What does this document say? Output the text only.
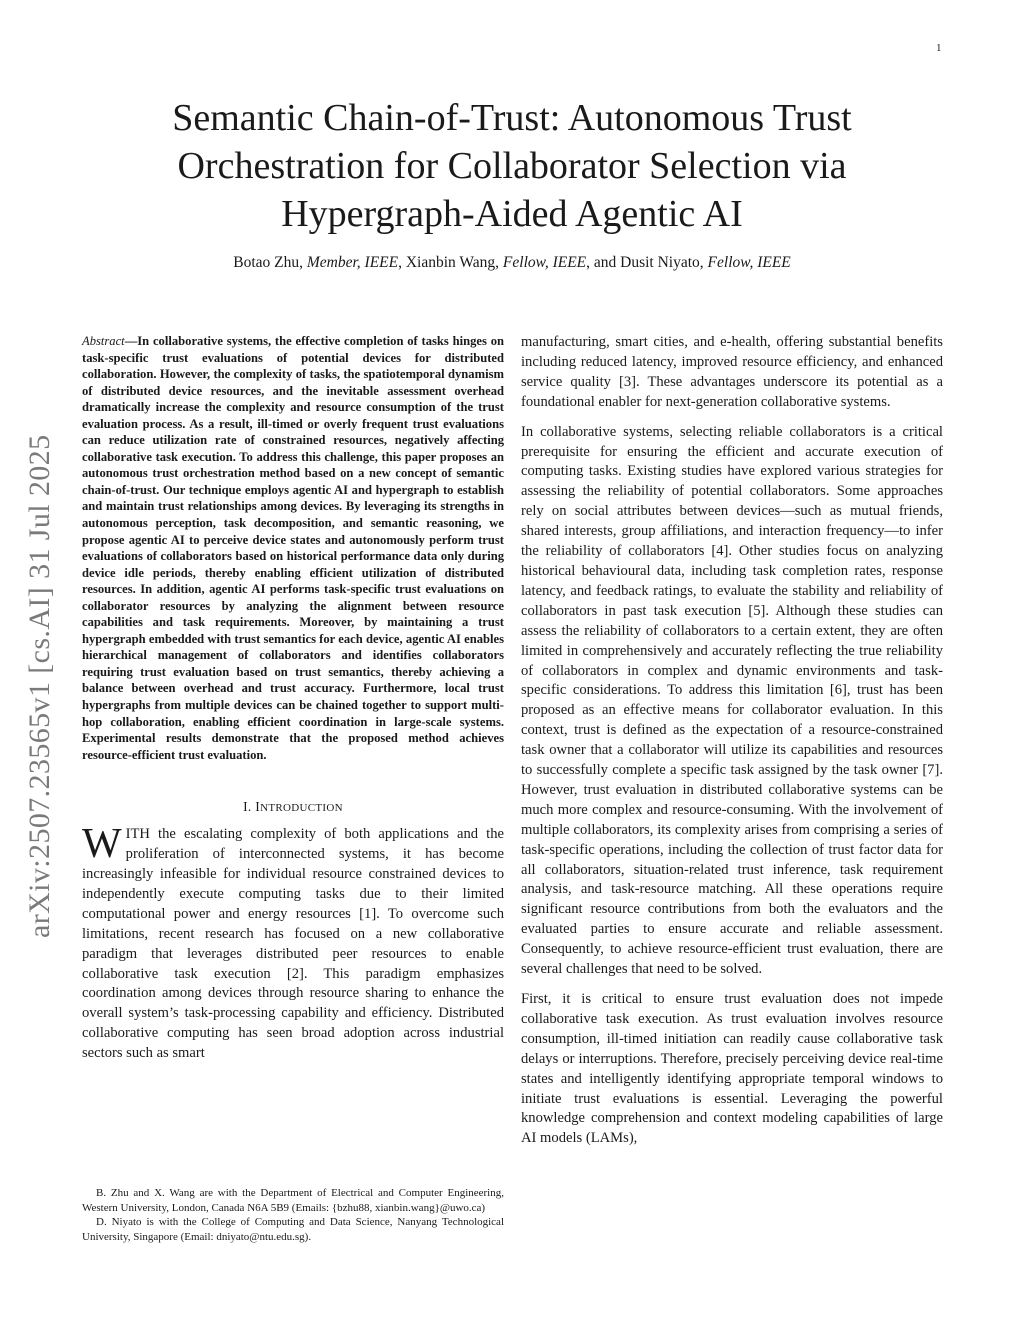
1
arXiv:2507.23565v1 [cs.AI] 31 Jul 2025
Semantic Chain-of-Trust: Autonomous Trust Orchestration for Collaborator Selection via Hypergraph-Aided Agentic AI
Botao Zhu, Member, IEEE, Xianbin Wang, Fellow, IEEE, and Dusit Niyato, Fellow, IEEE

Abstract—In collaborative systems, the effective completion of tasks hinges on task-specific trust evaluations of potential devices for distributed collaboration. However, the complexity of tasks, the spatiotemporal dynamism of distributed device resources, and the inevitable assessment overhead dramatically increase the complexity and resource consumption of the trust evaluation process. As a result, ill-timed or overly frequent trust evaluations can reduce utilization rate of constrained resources, negatively affecting collaborative task execution. To address this challenge, this paper proposes an autonomous trust orchestration method based on a new concept of semantic chain-of-trust. Our technique employs agentic AI and hypergraph to establish and maintain trust relationships among devices. By leveraging its strengths in autonomous perception, task decomposition, and semantic reasoning, we propose agentic AI to perceive device states and autonomously perform trust evaluations of collaborators based on historical performance data only during device idle periods, thereby enabling efficient utilization of distributed resources. In addition, agentic AI performs task-specific trust evaluations on collaborator resources by analyzing the alignment between resource capabilities and task requirements. Moreover, by maintaining a trust hypergraph embedded with trust semantics for each device, agentic AI enables hierarchical management of collaborators and identifies collaborators requiring trust evaluation based on trust semantics, thereby achieving a balance between overhead and trust accuracy. Furthermore, local trust hypergraphs from multiple devices can be chained together to support multi-hop collaboration, enabling efficient coordination in large-scale systems. Experimental results demonstrate that the proposed method achieves resource-efficient trust evaluation.

I. INTRODUCTION

WITH the escalating complexity of both applications and the proliferation of interconnected systems, it has become increasingly infeasible for individual resource constrained devices to independently execute computing tasks due to their limited computational power and energy resources [1]. To overcome such limitations, recent research has focused on a new collaborative paradigm that leverages distributed peer resources to enable collaborative task execution [2]. This paradigm emphasizes coordination among devices through resource sharing to enhance the overall system’s task-processing capability and efficiency. Distributed collaborative computing has seen broad adoption across industrial sectors such as smart

B. Zhu and X. Wang are with the Department of Electrical and Computer Engineering, Western University, London, Canada N6A 5B9 (Emails: {bzhu88, xianbin.wang}@uwo.ca)

D. Niyato is with the College of Computing and Data Science, Nanyang Technological University, Singapore (Email: dniyato@ntu.edu.sg).

manufacturing, smart cities, and e-health, offering substantial benefits including reduced latency, improved resource efficiency, and enhanced service quality [3]. These advantages underscore its potential as a foundational enabler for next-generation collaborative systems.

In collaborative systems, selecting reliable collaborators is a critical prerequisite for ensuring the efficient and accurate execution of computing tasks. Existing studies have explored various strategies for assessing the reliability of potential collaborators. Some approaches rely on social attributes between devices—such as mutual friends, shared interests, group affiliations, and interaction frequency—to infer the reliability of collaborators [4]. Other studies focus on analyzing historical behavioural data, including task completion rates, response latency, and feedback ratings, to evaluate the stability and reliability of collaborators in past task execution [5]. Although these studies can assess the reliability of collaborators to a certain extent, they are often limited in comprehensively and accurately reflecting the true reliability of collaborators in complex and dynamic environments and task-specific considerations. To address this limitation [6], trust has been proposed as an effective means for collaborator evaluation. In this context, trust is defined as the expectation of a resource-constrained task owner that a collaborator will utilize its capabilities and resources to successfully complete a specific task assigned by the task owner [7]. However, trust evaluation in distributed collaborative systems can be much more complex and resource-consuming. With the involvement of multiple collaborators, its complexity arises from comprising a series of task-specific operations, including the collection of trust factor data for all collaborators, situation-related trust inference, task requirement analysis, and task-resource matching. All these operations require significant resource contributions from both the evaluators and the evaluated parties to ensure accurate and reliable assessment. Consequently, to achieve resource-efficient trust evaluation, there are several challenges that need to be solved.

First, it is critical to ensure trust evaluation does not impede collaborative task execution. As trust evaluation involves resource consumption, ill-timed initiation can readily cause collaborative task delays or interruptions. Therefore, precisely perceiving device real-time states and intelligently identifying appropriate temporal windows to initiate trust evaluations is essential. Leveraging the powerful knowledge comprehension and context modeling capabilities of large AI models (LAMs),
